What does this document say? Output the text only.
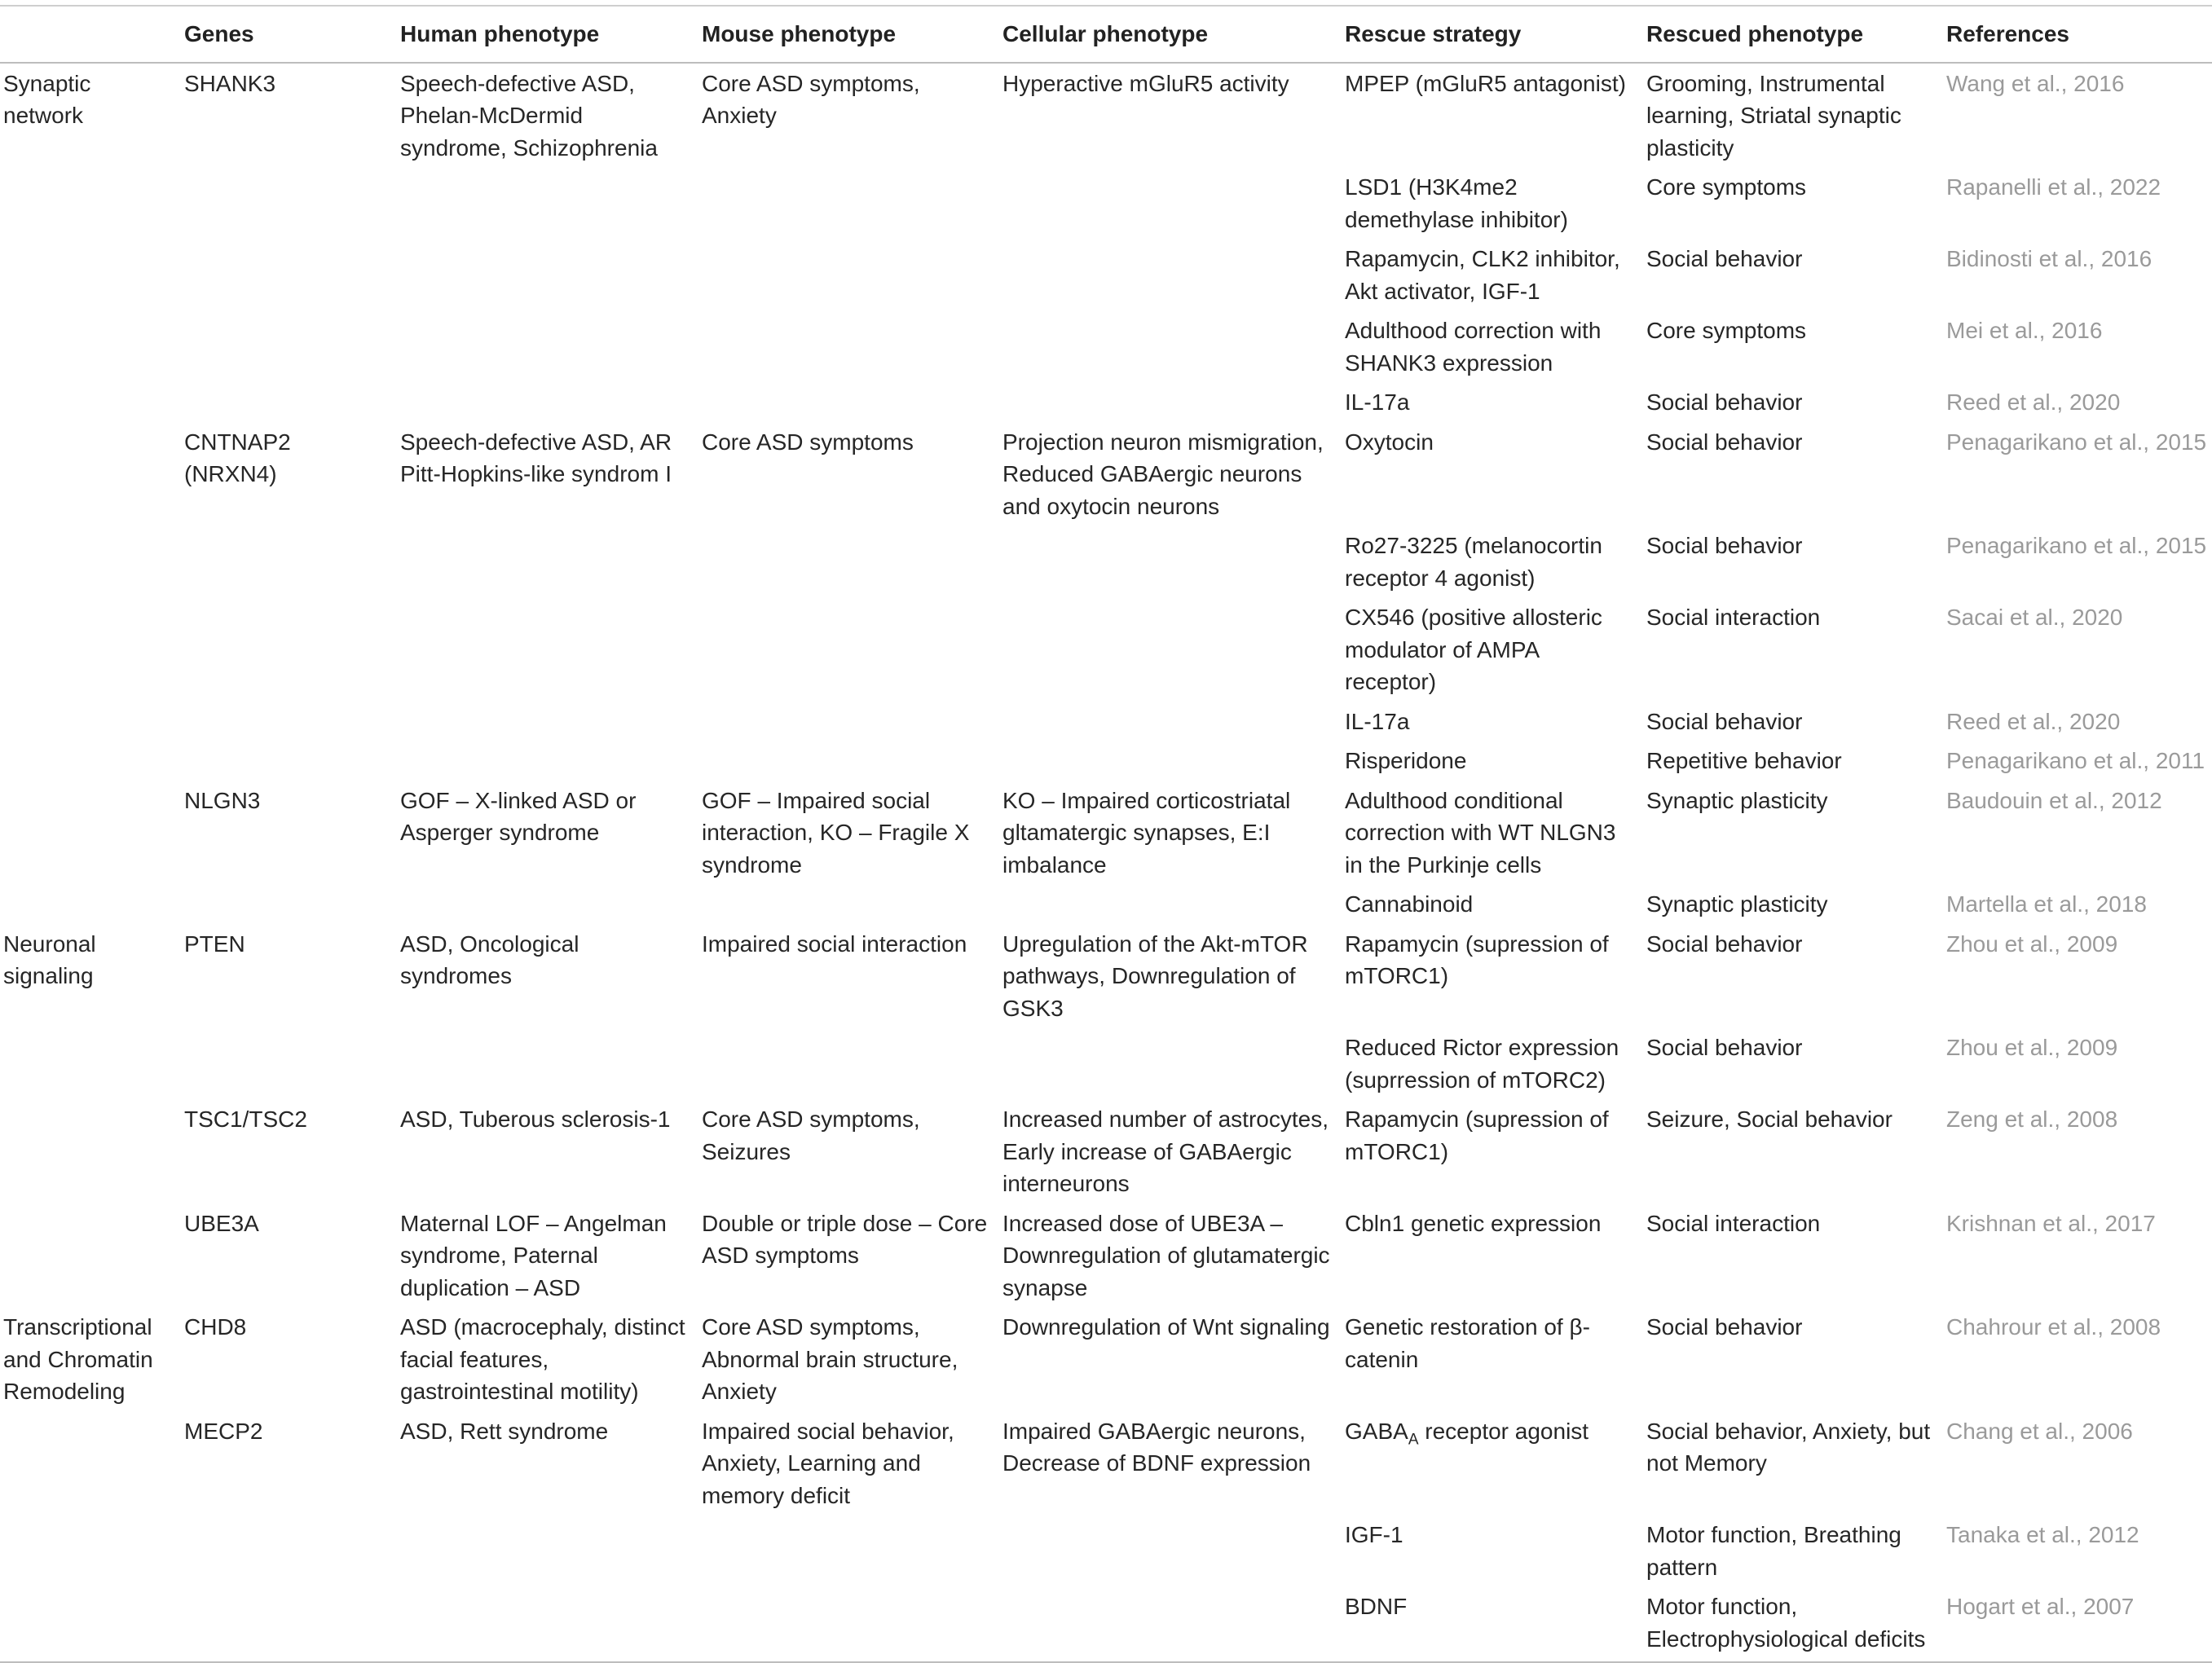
	Genes	Human phenotype	Mouse phenotype	Cellular phenotype	Rescue strategy	Rescued phenotype	References
Synaptic network	SHANK3	Speech-defective ASD, Phelan-McDermid syndrome, Schizophrenia	Core ASD symptoms, Anxiety	Hyperactive mGluR5 activity	MPEP (mGluR5 antagonist)	Grooming, Instrumental learning, Striatal synaptic plasticity	Wang et al., 2016
					LSD1 (H3K4me2 demethylase inhibitor)	Core symptoms	Rapanelli et al., 2022
					Rapamycin, CLK2 inhibitor, Akt activator, IGF-1	Social behavior	Bidinosti et al., 2016
					Adulthood correction with SHANK3 expression	Core symptoms	Mei et al., 2016
					IL-17a	Social behavior	Reed et al., 2020
	CNTNAP2 (NRXN4)	Speech-defective ASD, AR Pitt-Hopkins-like syndrom I	Core ASD symptoms	Projection neuron mismigration, Reduced GABAergic neurons and oxytocin neurons	Oxytocin	Social behavior	Penagarikano et al., 2015
					Ro27-3225 (melanocortin receptor 4 agonist)	Social behavior	Penagarikano et al., 2015
					CX546 (positive allosteric modulator of AMPA receptor)	Social interaction	Sacai et al., 2020
					IL-17a	Social behavior	Reed et al., 2020
					Risperidone	Repetitive behavior	Penagarikano et al., 2011
	NLGN3	GOF – X-linked ASD or Asperger syndrome	GOF – Impaired social interaction, KO – Fragile X syndrome	KO – Impaired corticostriatal gltamatergic synapses, E:I imbalance	Adulthood conditional correction with WT NLGN3 in the Purkinje cells	Synaptic plasticity	Baudouin et al., 2012
					Cannabinoid	Synaptic plasticity	Martella et al., 2018
Neuronal signaling	PTEN	ASD, Oncological syndromes	Impaired social interaction	Upregulation of the Akt-mTOR pathways, Downregulation of GSK3	Rapamycin (supression of mTORC1)	Social behavior	Zhou et al., 2009
					Reduced Rictor expression (suprression of mTORC2)	Social behavior	Zhou et al., 2009
	TSC1/TSC2	ASD, Tuberous sclerosis-1	Core ASD symptoms, Seizures	Increased number of astrocytes, Early increase of GABAergic interneurons	Rapamycin (supression of mTORC1)	Seizure, Social behavior	Zeng et al., 2008
	UBE3A	Maternal LOF – Angelman syndrome, Paternal duplication – ASD	Double or triple dose – Core ASD symptoms	Increased dose of UBE3A – Downregulation of glutamatergic synapse	Cbln1 genetic expression	Social interaction	Krishnan et al., 2017
Transcriptional and Chromatin Remodeling	CHD8	ASD (macrocephaly, distinct facial features, gastrointestinal motility)	Core ASD symptoms, Abnormal brain structure, Anxiety	Downregulation of Wnt signaling	Genetic restoration of β-catenin	Social behavior	Chahrour et al., 2008
	MECP2	ASD, Rett syndrome	Impaired social behavior, Anxiety, Learning and memory deficit	Impaired GABAergic neurons, Decrease of BDNF expression	$GABA_A$ receptor agonist	Social behavior, Anxiety, but not Memory	Chang et al., 2006
					IGF-1	Motor function, Breathing pattern	Tanaka et al., 2012
					BDNF	Motor function, Electrophysiological deficits	Hogart et al., 2007
